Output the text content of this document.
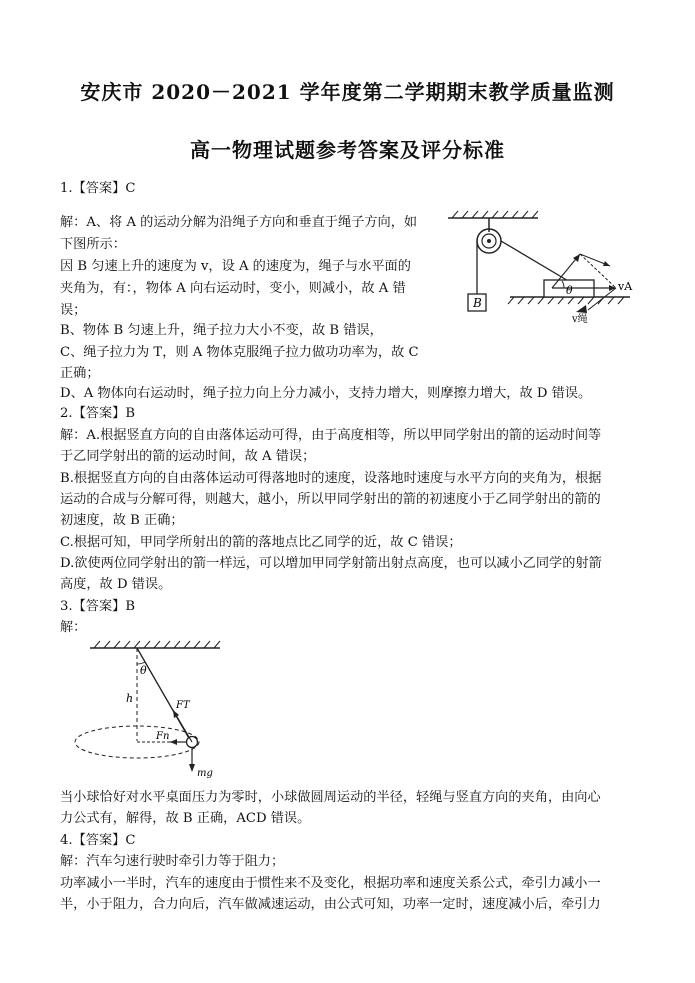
安庆市 2020－2021 学年度第二学期期末教学质量监测
高一物理试题参考答案及评分标准
1.【答案】C
解：A、将 A 的运动分解为沿绳子方向和垂直于绳子方向，如
下图所示：
因 B 匀速上升的速度为 v，设 A 的速度为，绳子与水平面的
夹角为，有：，物体 A 向右运动时，变小，则减小，故 A 错
误；
B、物体 B 匀速上升，绳子拉力大小不变，故 B 错误，
C、绳子拉力为 T，则 A 物体克服绳子拉力做功功率为，故 C
正确；
D、A 物体向右运动时，绳子拉力向上分力减小，支持力增大，则摩擦力增大，故 D 错误。
B
θ	vA
v绳
2.【答案】B
解：A.根据竖直方向的自由落体运动可得，由于高度相等，所以甲同学射出的箭的运动时间等
于乙同学射出的箭的运动时间，故 A 错误；
B.根据竖直方向的自由落体运动可得落地时的速度，设落地时速度与水平方向的夹角为，根据
运动的合成与分解可得，则越大，越小，所以甲同学射出的箭的初速度小于乙同学射出的箭的
初速度，故 B 正确；
C.根据可知，甲同学所射出的箭的落地点比乙同学的近，故 C 错误；
D.欲使两位同学射出的箭一样远，可以增加甲同学射箭出射点高度，也可以减小乙同学的射箭
高度，故 D 错误。
3.【答案】B
解：
θ
h
FT
Fn
mg
当小球恰好对水平桌面压力为零时，小球做圆周运动的半径，轻绳与竖直方向的夹角，由向心
力公式有，解得，故 B 正确，ACD 错误。
4.【答案】C
解：汽车匀速行驶时牵引力等于阻力；
功率减小一半时，汽车的速度由于惯性来不及变化，根据功率和速度关系公式，牵引力减小一
半，小于阻力，合力向后，汽车做减速运动，由公式可知，功率一定时，速度减小后，牵引力
